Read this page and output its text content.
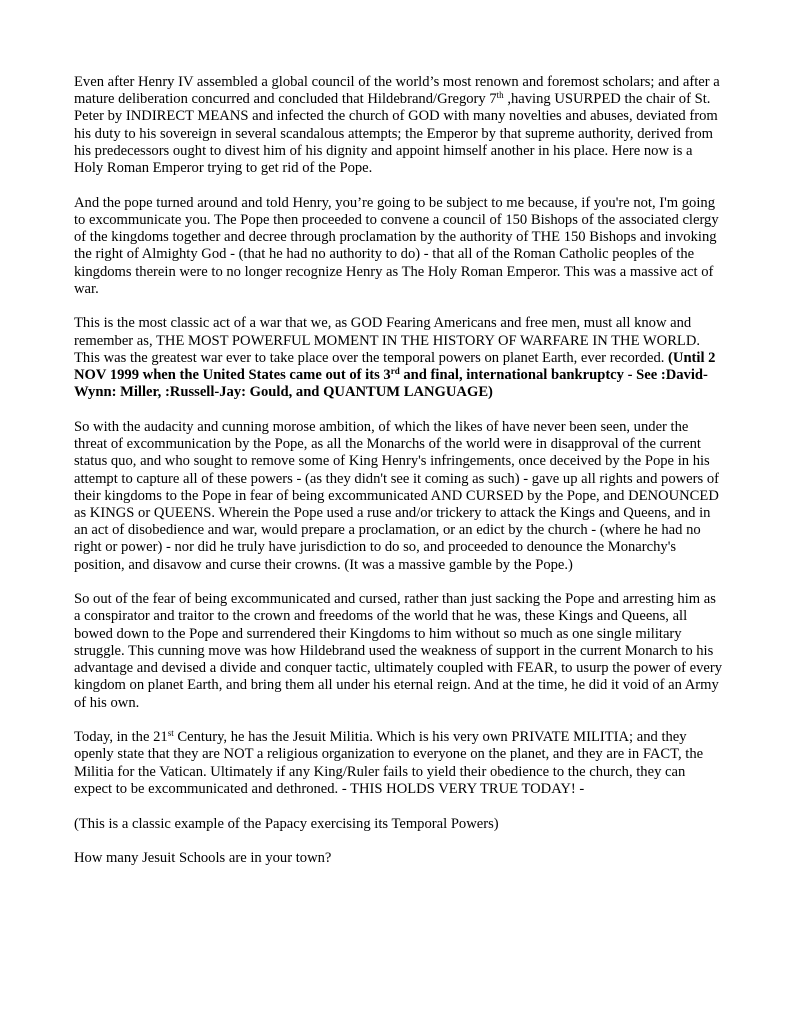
Even after Henry IV assembled a global council of the world’s most renown and foremost scholars; and after a mature deliberation concurred and concluded that Hildebrand/Gregory 7th ,having USURPED the chair of St. Peter by INDIRECT MEANS and infected the church of GOD with many novelties and abuses, deviated from his duty to his sovereign in several scandalous attempts; the Emperor by that supreme authority, derived from his predecessors ought to divest him of his dignity and appoint himself another in his place. Here now is a Holy Roman Emperor trying to get rid of the Pope.

And the pope turned around and told Henry, you’re going to be subject to me because, if you're not, I'm going to excommunicate you. The Pope then proceeded to convene a council of 150 Bishops of the associated clergy of the kingdoms together and decree through proclamation by the authority of THE 150 Bishops and invoking the right of Almighty God - (that he had no authority to do) - that all of the Roman Catholic peoples of the kingdoms therein were to no longer recognize Henry as The Holy Roman Emperor. This was a massive act of war.

This is the most classic act of a war that we, as GOD Fearing Americans and free men, must all know and remember as, THE MOST POWERFUL MOMENT IN THE HISTORY OF WARFARE IN THE WORLD. This was the greatest war ever to take place over the temporal powers on planet Earth, ever recorded. (Until 2 NOV 1999 when the United States came out of its 3rd and final, international bankruptcy - See :David-Wynn: Miller, :Russell-Jay: Gould, and QUANTUM LANGUAGE)

So with the audacity and cunning morose ambition, of which the likes of have never been seen, under the threat of excommunication by the Pope, as all the Monarchs of the world were in disapproval of the current status quo, and who sought to remove some of King Henry's infringements, once deceived by the Pope in his attempt to capture all of these powers - (as they didn't see it coming as such) - gave up all rights and powers of their kingdoms to the Pope in fear of being excommunicated AND CURSED by the Pope, and DENOUNCED as KINGS or QUEENS. Wherein the Pope used a ruse and/or trickery to attack the Kings and Queens, and in an act of disobedience and war, would prepare a proclamation, or an edict by the church - (where he had no right or power) - nor did he truly have jurisdiction to do so, and proceeded to denounce the Monarchy's position, and disavow and curse their crowns. (It was a massive gamble by the Pope.)

So out of the fear of being excommunicated and cursed, rather than just sacking the Pope and arresting him as a conspirator and traitor to the crown and freedoms of the world that he was, these Kings and Queens, all bowed down to the Pope and surrendered their Kingdoms to him without so much as one single military struggle. This cunning move was how Hildebrand used the weakness of support in the current Monarch to his advantage and devised a divide and conquer tactic, ultimately coupled with FEAR, to usurp the power of every kingdom on planet Earth, and bring them all under his eternal reign. And at the time, he did it void of an Army of his own.

Today, in the 21st Century, he has the Jesuit Militia. Which is his very own PRIVATE MILITIA; and they openly state that they are NOT a religious organization to everyone on the planet, and they are in FACT, the Militia for the Vatican. Ultimately if any King/Ruler fails to yield their obedience to the church, they can expect to be excommunicated and dethroned. - THIS HOLDS VERY TRUE TODAY! -

(This is a classic example of the Papacy exercising its Temporal Powers)

How many Jesuit Schools are in your town?
